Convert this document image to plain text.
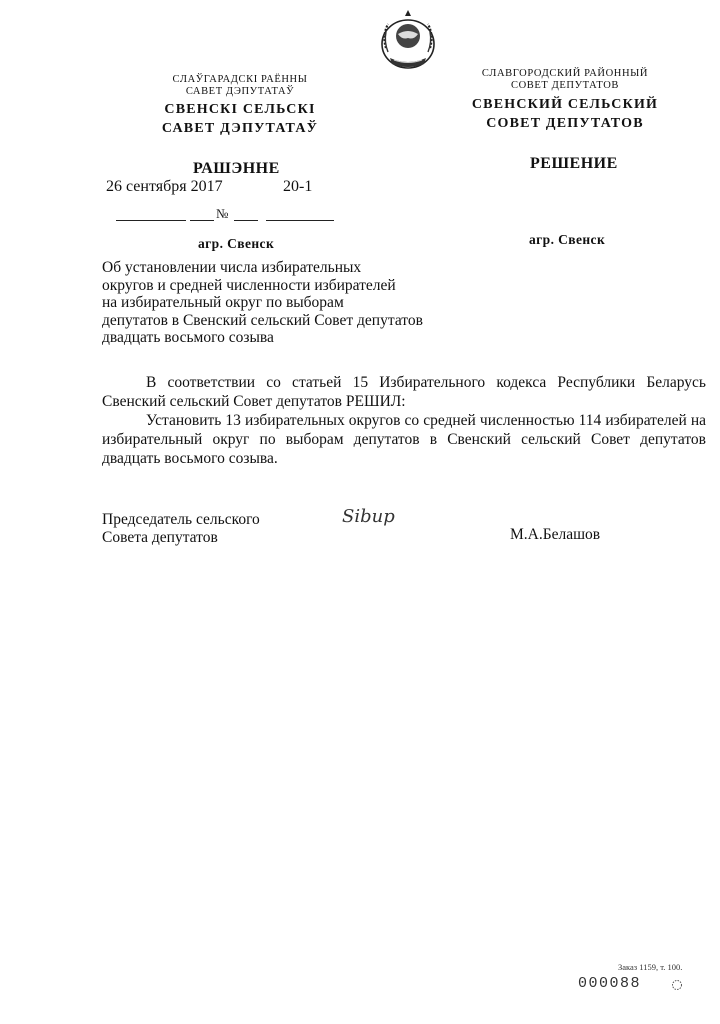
СЛАЎГАРАДСКІ РАЁННЫ
САВЕТ ДЭПУТАТАЎ
СВЕНСКІ СЕЛЬСКІ
САВЕТ ДЭПУТАТАЎ
СЛАВГОРОДСКИЙ РАЙОННЫЙ
СОВЕТ ДЕПУТАТОВ
СВЕНСКИЙ СЕЛЬСКИЙ
СОВЕТ ДЕПУТАТОВ
РАШЭННЕ	РЕШЕНИЕ
26 сентября 2017	20-1
№
агр. Свенск	агр. Свенск
Об установлении числа избирательных
округов и средней численности избирателей
на избирательный округ по выборам
депутатов в Свенский сельский Совет депутатов
двадцать восьмого созыва

В соответствии со статьей 15 Избирательного кодекса Республики Беларусь Свенский сельский Совет депутатов РЕШИЛ:

Установить 13 избирательных округов со средней численностью 114 избирателей на избирательный округ по выборам депутатов в Свенский сельский Совет депутатов двадцать восьмого созыва.

Председатель сельского
Совета депутатов
Sibup
М.А.Белашов
Заказ 1159, т. 100.
000088
